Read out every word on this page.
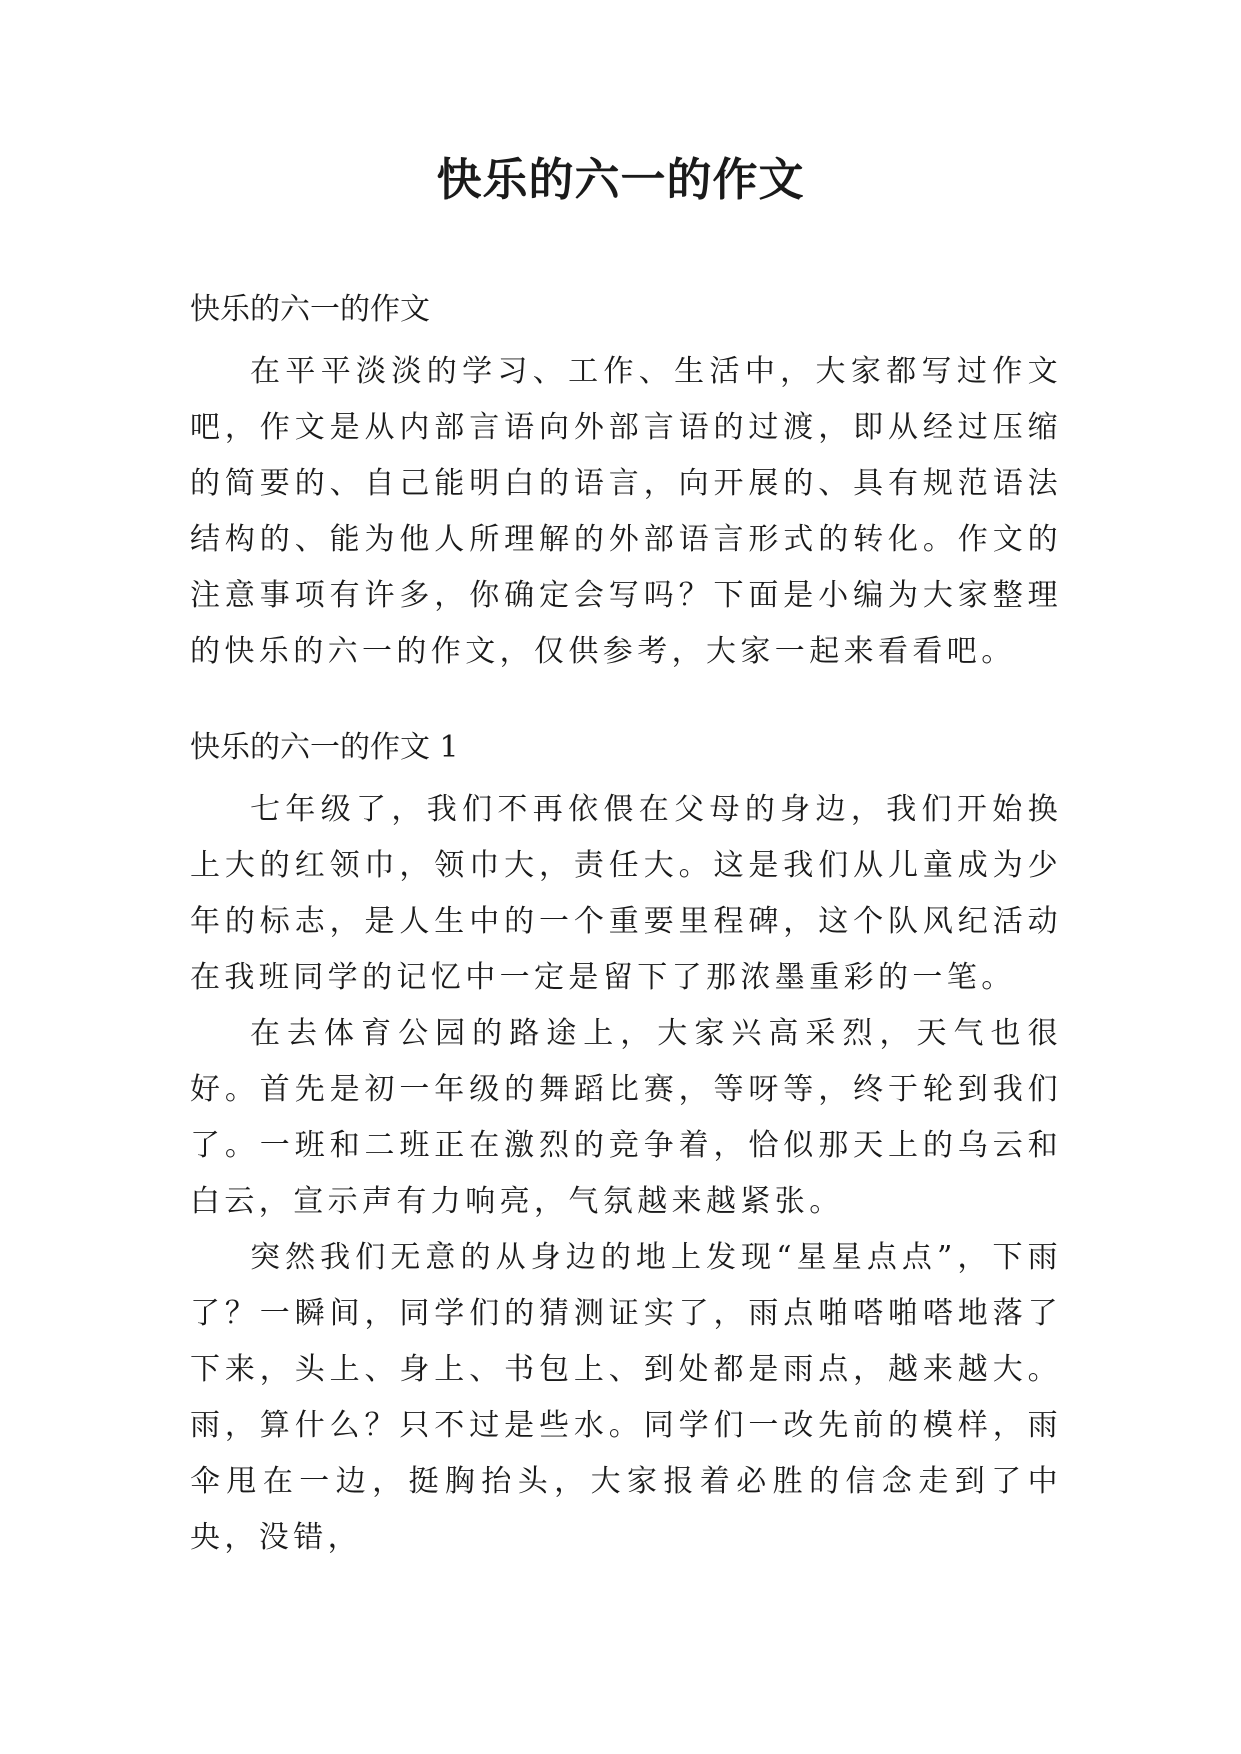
快乐的六一的作文
快乐的六一的作文

在平平淡淡的学习、工作、生活中，大家都写过作文吧，作文是从内部言语向外部言语的过渡，即从经过压缩的简要的、自己能明白的语言，向开展的、具有规范语法结构的、能为他人所理解的外部语言形式的转化。作文的注意事项有许多，你确定会写吗？下面是小编为大家整理的快乐的六一的作文，仅供参考，大家一起来看看吧。

快乐的六一的作文 1

七年级了，我们不再依偎在父母的身边，我们开始换上大的红领巾，领巾大，责任大。这是我们从儿童成为少年的标志，是人生中的一个重要里程碑，这个队风纪活动在我班同学的记忆中一定是留下了那浓墨重彩的一笔。

在去体育公园的路途上，大家兴高采烈，天气也很好。首先是初一年级的舞蹈比赛，等呀等，终于轮到我们了。一班和二班正在激烈的竞争着，恰似那天上的乌云和白云，宣示声有力响亮，气氛越来越紧张。

突然我们无意的从身边的地上发现“星星点点”，下雨了？一瞬间，同学们的猜测证实了，雨点啪嗒啪嗒地落了下来，头上、身上、书包上、到处都是雨点，越来越大。雨，算什么？只不过是些水。同学们一改先前的模样，雨伞甩在一边，挺胸抬头，大家报着必胜的信念走到了中央，没错，
